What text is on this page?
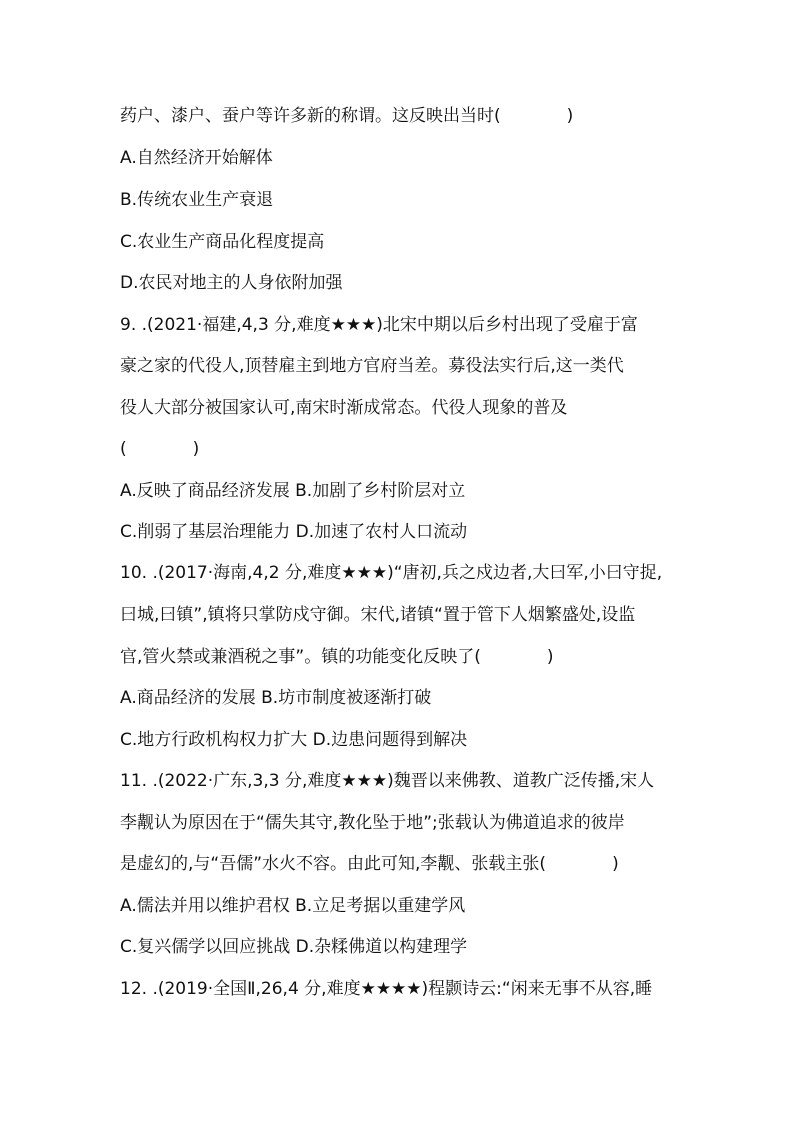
药户、漆户、蚕户等许多新的称谓。这反映出当时(	)
A.自然经济开始解体
B.传统农业生产衰退
C.农业生产商品化程度提高
D.农民对地主的人身依附加强
9. .(2021·福建,4,3 分,难度★★★)北宋中期以后乡村出现了受雇于富
豪之家的代役人,顶替雇主到地方官府当差。募役法实行后,这一类代
役人大部分被国家认可,南宋时渐成常态。代役人现象的普及
(	)
A.反映了商品经济发展 B.加剧了乡村阶层对立
C.削弱了基层治理能力 D.加速了农村人口流动
10. .(2017·海南,4,2 分,难度★★★)“唐初,兵之戍边者,大曰军,小曰守捉,
曰城,曰镇”,镇将只掌防戍守御。宋代,诸镇“置于管下人烟繁盛处,设监
官,管火禁或兼酒税之事”。镇的功能变化反映了(	)
A.商品经济的发展 B.坊市制度被逐渐打破
C.地方行政机构权力扩大 D.边患问题得到解决
11. .(2022·广东,3,3 分,难度★★★)魏晋以来佛教、道教广泛传播,宋人
李觏认为原因在于“儒失其守,教化坠于地”;张载认为佛道追求的彼岸
是虚幻的,与“吾儒”水火不容。由此可知,李觏、张载主张(	)
A.儒法并用以维护君权 B.立足考据以重建学风
C.复兴儒学以回应挑战 D.杂糅佛道以构建理学
12. .(2019·全国Ⅱ,26,4 分,难度★★★★)程颢诗云:“闲来无事不从容,睡
